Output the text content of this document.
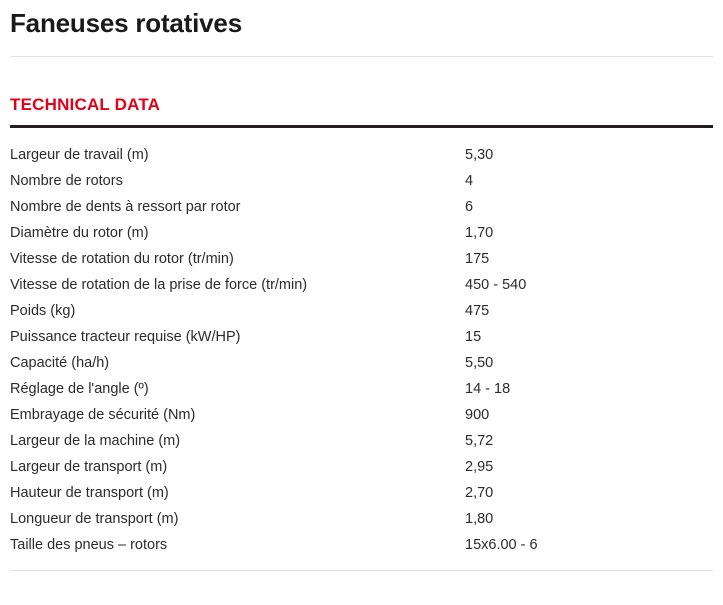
Faneuses rotatives
TECHNICAL DATA
Largeur de travail (m)	5,30
Nombre de rotors	4
Nombre de dents à ressort par rotor	6
Diamètre du rotor (m)	1,70
Vitesse de rotation du rotor (tr/min)	175
Vitesse de rotation de la prise de force (tr/min)	450 - 540
Poids (kg)	475
Puissance tracteur requise (kW/HP)	15
Capacité (ha/h)	5,50
Réglage de l'angle (º)	14 - 18
Embrayage de sécurité (Nm)	900
Largeur de la machine (m)	5,72
Largeur de transport (m)	2,95
Hauteur de transport (m)	2,70
Longueur de transport (m)	1,80
Taille des pneus – rotors	15x6.00 - 6
